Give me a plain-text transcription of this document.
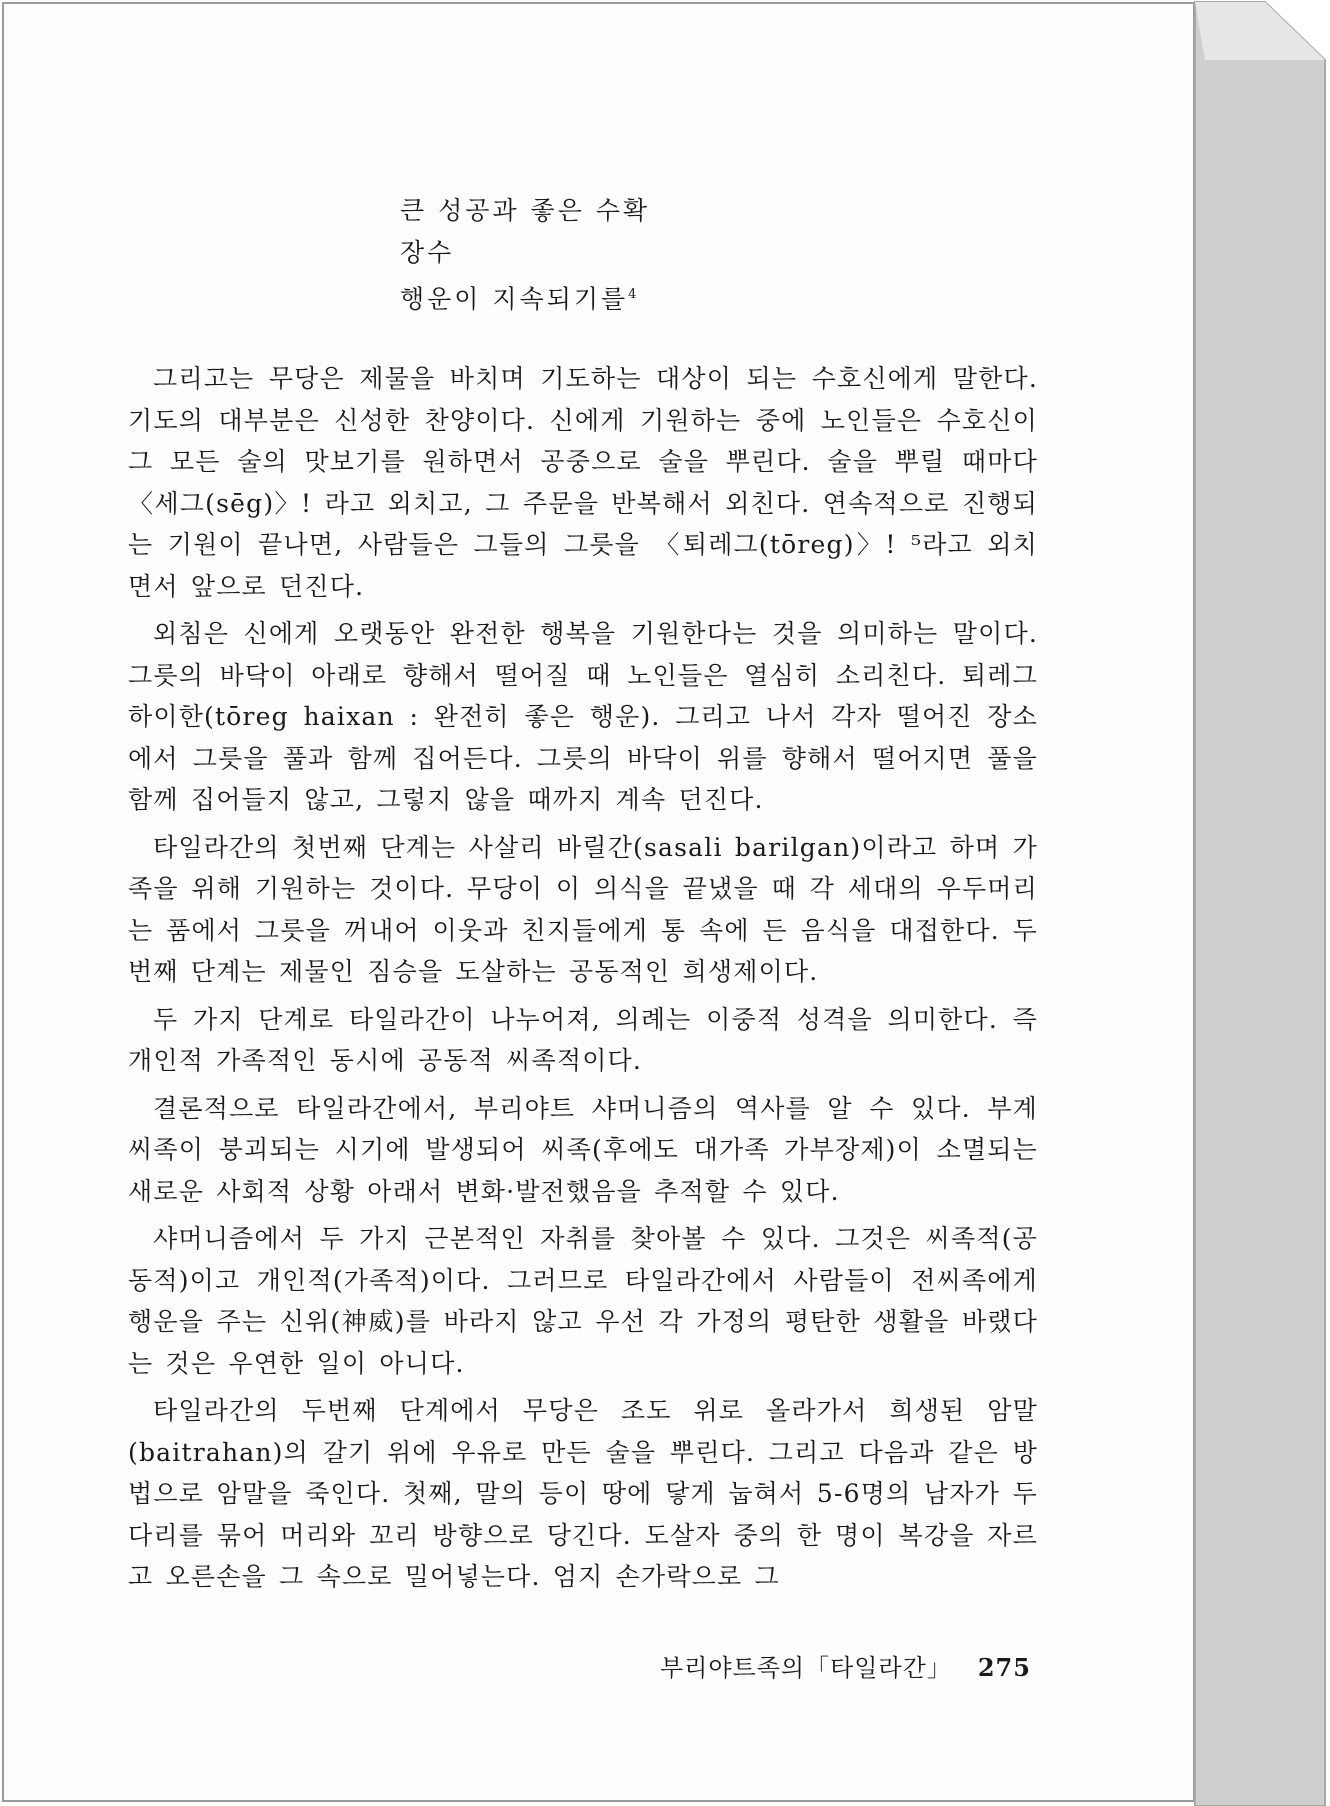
큰 성공과 좋은 수확
장수
행운이 지속되기를$^4$

그리고는 무당은 제물을 바치며 기도하는 대상이 되는 수호신에게 말한다. 기도의 대부분은 신성한 찬양이다. 신에게 기원하는 중에 노인들은 수호신이 그 모든 술의 맛보기를 원하면서 공중으로 술을 뿌린다. 술을 뿌릴 때마다 〈세그(sēg)〉! 라고 외치고, 그 주문을 반복해서 외친다. 연속적으로 진행되는 기원이 끝나면, 사람들은 그들의 그릇을 〈퇴레그(tōreg)〉! ⁵라고 외치면서 앞으로 던진다.

외침은 신에게 오랫동안 완전한 행복을 기원한다는 것을 의미하는 말이다. 그릇의 바닥이 아래로 향해서 떨어질 때 노인들은 열심히 소리친다. 퇴레그 하이한(tōreg haixan : 완전히 좋은 행운). 그리고 나서 각자 떨어진 장소에서 그릇을 풀과 함께 집어든다. 그릇의 바닥이 위를 향해서 떨어지면 풀을 함께 집어들지 않고, 그렇지 않을 때까지 계속 던진다.

타일라간의 첫번째 단계는 사살리 바릴간(sasali barilgan)이라고 하며 가족을 위해 기원하는 것이다. 무당이 이 의식을 끝냈을 때 각 세대의 우두머리는 품에서 그릇을 꺼내어 이웃과 친지들에게 통 속에 든 음식을 대접한다. 두번째 단계는 제물인 짐승을 도살하는 공동적인 희생제이다.

두 가지 단계로 타일라간이 나누어져, 의례는 이중적 성격을 의미한다. 즉 개인적 가족적인 동시에 공동적 씨족적이다.

결론적으로 타일라간에서, 부리야트 샤머니즘의 역사를 알 수 있다. 부계 씨족이 붕괴되는 시기에 발생되어 씨족(후에도 대가족 가부장제)이 소멸되는 새로운 사회적 상황 아래서 변화·발전했음을 추적할 수 있다.

샤머니즘에서 두 가지 근본적인 자취를 찾아볼 수 있다. 그것은 씨족적(공동적)이고 개인적(가족적)이다. 그러므로 타일라간에서 사람들이 전씨족에게 행운을 주는 신위(神威)를 바라지 않고 우선 각 가정의 평탄한 생활을 바랬다는 것은 우연한 일이 아니다.

타일라간의 두번째 단계에서 무당은 조도 위로 올라가서 희생된 암말(baitrahan)의 갈기 위에 우유로 만든 술을 뿌린다. 그리고 다음과 같은 방법으로 암말을 죽인다. 첫째, 말의 등이 땅에 닿게 눕혀서 5-6명의 남자가 두 다리를 묶어 머리와 꼬리 방향으로 당긴다. 도살자 중의 한 명이 복강을 자르고 오른손을 그 속으로 밀어넣는다. 엄지 손가락으로 그

부리야트족의「타일라간」 275
